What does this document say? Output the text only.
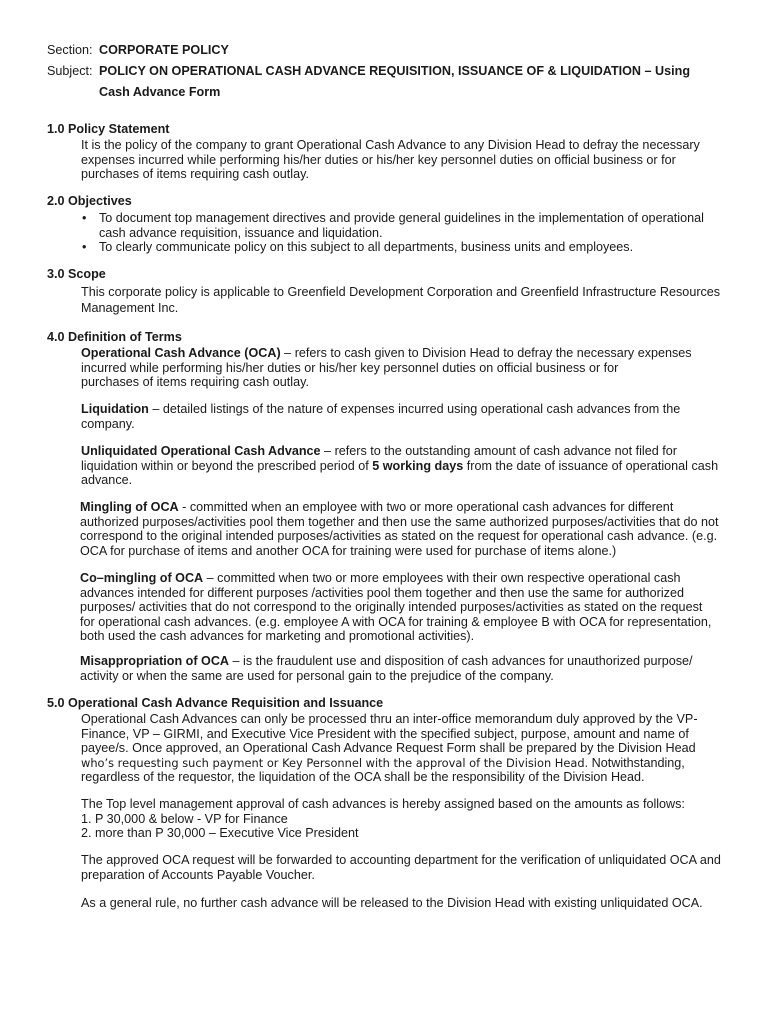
Section: CORPORATE POLICY
Subject: POLICY ON OPERATIONAL CASH ADVANCE REQUISITION, ISSUANCE OF & LIQUIDATION – Using
Cash Advance Form
1.0 Policy Statement
It is the policy of the company to grant Operational Cash Advance to any Division Head to defray the necessary expenses incurred while performing his/her duties or his/her key personnel duties on official business or for purchases of items requiring cash outlay.
2.0 Objectives
• To document top management directives and provide general guidelines in the implementation of operational cash advance requisition, issuance and liquidation.
• To clearly communicate policy on this subject to all departments, business units and employees.
3.0 Scope
This corporate policy is applicable to Greenfield Development Corporation and Greenfield Infrastructure Resources Management Inc.
4.0 Definition of Terms
Operational Cash Advance (OCA) – refers to cash given to Division Head to defray the necessary expenses
incurred while performing his/her duties or his/her key personnel duties on official business or for
purchases of items requiring cash outlay.
Liquidation – detailed listings of the nature of expenses incurred using operational cash advances from the company.
Unliquidated Operational Cash Advance – refers to the outstanding amount of cash advance not filed for liquidation within or beyond the prescribed period of 5 working days from the date of issuance of operational cash advance.
Mingling of OCA - committed when an employee with two or more operational cash advances for different authorized purposes/activities pool them together and then use the same authorized purposes/activities that do not correspond to the original intended purposes/activities as stated on the request for operational cash advance. (e.g. OCA for purchase of items and another OCA for training were used for purchase of items alone.)
Co–mingling of OCA – committed when two or more employees with their own respective operational cash advances intended for different purposes /activities pool them together and then use the same for authorized purposes/ activities that do not correspond to the originally intended purposes/activities as stated on the request for operational cash advances. (e.g. employee A with OCA for training & employee B with OCA for representation, both used the cash advances for marketing and promotional activities).
Misappropriation of OCA – is the fraudulent use and disposition of cash advances for unauthorized purpose/ activity or when the same are used for personal gain to the prejudice of the company.
5.0 Operational Cash Advance Requisition and Issuance
Operational Cash Advances can only be processed thru an inter-office memorandum duly approved by the VP-Finance, VP – GIRMI, and Executive Vice President with the specified subject, purpose, amount and name of payee/s. Once approved, an Operational Cash Advance Request Form shall be prepared by the Division Head who’s requesting such payment or Key Personnel with the approval of the Division Head. Notwithstanding, regardless of the requestor, the liquidation of the OCA shall be the responsibility of the Division Head.
The Top level management approval of cash advances is hereby assigned based on the amounts as follows:
1. P 30,000 & below - VP for Finance
2. more than P 30,000 – Executive Vice President
The approved OCA request will be forwarded to accounting department for the verification of unliquidated OCA and preparation of Accounts Payable Voucher.
As a general rule, no further cash advance will be released to the Division Head with existing unliquidated OCA.
